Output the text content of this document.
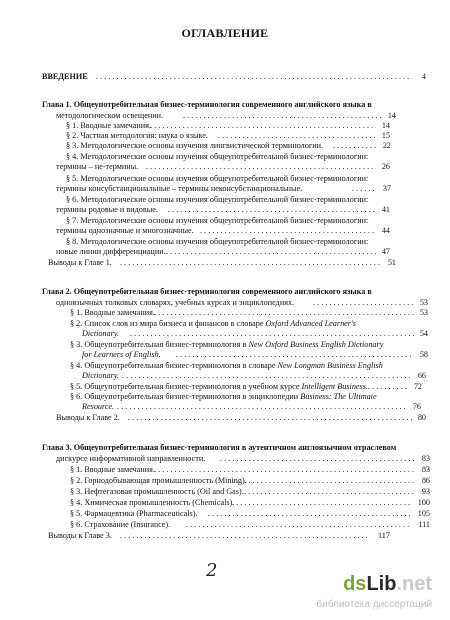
ОГЛАВЛЕНИЕ
ВВЕДЕНИЕ . . .	4
Глава 1. Общеупотребительная бизнес-терминология современного английского языка в
методологическом освещении. . . .	14
§ 1. Вводные замечания. . . .	14
§ 2. Частная методология: наука о языке. . . .	15
§ 3. Методологические основы изучения лингвистической терминологии. . . .	22
§ 4. Методологические основы изучения общеупотребительной бизнес-терминологии:
термины – не-термины. . . .	26
§ 5. Методологические основы изучения общеупотребительной бизнес-терминологии:
термины консубстанциональные – термины неконсубстанциональные. . . .	37
§ 6. Методологические основы изучения общеупотребительной бизнес-терминологии:
термины родовые и видовые. . . .	41
§ 7. Методологические основы изучения общеупотребительной бизнес-терминологии:
термины однозначные и многозначные. . . .	44
§ 8. Методологические основы изучения общеупотребительной бизнес-терминологии:
новые линии дифференциации. . . .	47
Выводы к Главе 1. . . .	51
Глава 2. Общеупотребительная бизнес-терминология современного английского языка в
одноязычных толковых словарях, учебных курсах и энциклопедиях. . . .	53
§ 1. Вводные замечания. . . .	53
§ 2. Список слов из мира бизнеса и финансов в словаре Oxford Advanced Learner's
Dictionary. . . .	54
§ 3. Общеупотребительная бизнес-терминология в New Oxford Business English Dictionary
for Learners of English. . . .	58
§ 4. Общеупотребительная бизнес-терминология в словаре New Longman Business English
Dictionary. . . .	66
§ 5. Общеупотребительная бизнес-терминология в учебном курсе Intelligent Business. . . .	72
§ 6. Общеупотребительная бизнес-терминология в энциклопедии Business: The Ultimate
Resource. . . .	76
Выводы к Главе 2. . . .	80
Глава 3. Общеупотребительная бизнес-терминология в аутентичном англоязычном отраслевом
дискурсе информативной направленности. . . .	83
§ 1. Вводные замечания. . . .	83
§ 2. Горнодобывающая промышленность (Mining). . . .	86
§ 3. Нефтегазовая промышленность (Oil and Gas). . . .	93
§ 4. Химическая промышленность (Chemicals). . . .	100
§ 5. Фармацевтика (Pharmaceuticals). . . .	105
§ 6. Страхование (Insurance). . . .	111
Выводы к Главе 3. . . .	117
2
dsLib.net
библиотека диссертаций
